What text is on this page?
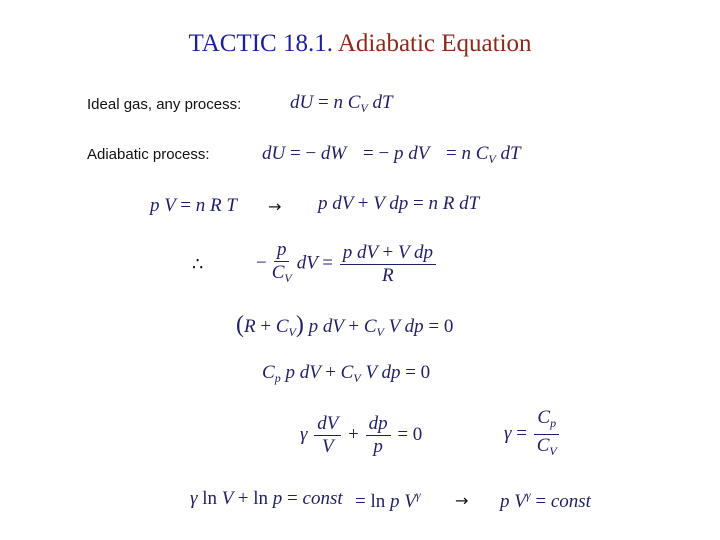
TACTIC 18.1. Adiabatic Equation
Ideal gas, any process:	dU = n $C_V$ dT
Adiabatic process:	dU = − dW = − p dV = n $C_V$ dT
p V = n R T → p dV + V dp = n R dT
∴	− $\frac{p}{C_V}$ dV = $\frac{\text{p dV + V dp}}{R}$
$(R + C_V)$ p dV + $C_V$ V dp = 0
$C_p$ p dV + $C_V$ V dp = 0
γ $\frac{dV}{V} + \frac{dp}{p} = 0$	$\gamma = \frac{C_p}{C_V}$
γ ln V + ln p = const = ln p $V^\gamma \to p$ $V^\gamma$ = const
